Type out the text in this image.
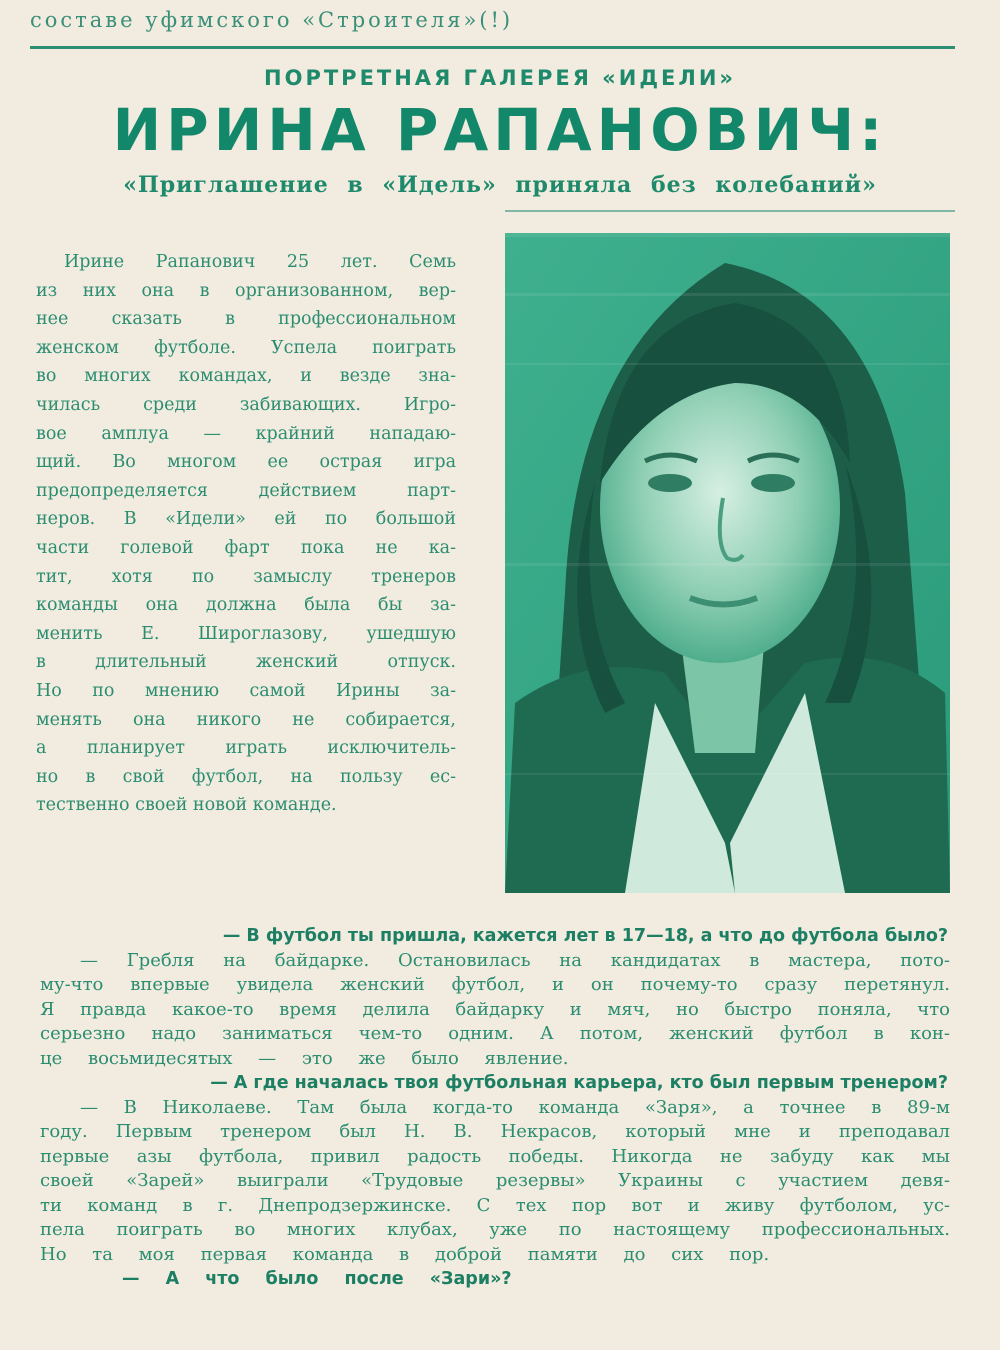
составе уфимского «Строителя»(!)
ПОРТРЕТНАЯ ГАЛЕРЕЯ «ИДЕЛИ»
ИРИНА РАПАНОВИЧ:
«Приглашение в «Идель» приняла без колебаний»
Ирине Рапанович 25 лет. Семь
из них она в организованном, вер-
нее сказать в профессиональном
женском футболе. Успела поиграть
во многих командах, и везде зна-
чилась среди забивающих. Игро-
вое амплуа — крайний нападаю-
щий. Во многом ее острая игра
предопределяется действием парт-
неров. В «Идели» ей по большой
части голевой фарт пока не ка-
тит, хотя по замыслу тренеров
команды она должна была бы за-
менить Е. Широглазову, ушедшую
в длительный женский отпуск.
Но по мнению самой Ирины за-
менять она никого не собирается,
а планирует играть исключитель-
но в свой футбол, на пользу ес-
тественно своей новой команде.
— В футбол ты пришла, кажется лет в 17—18, а что до футбола было?
— Гребля на байдарке. Остановилась на кандидатах в мастера, пото-
му-что впервые увидела женский футбол, и он почему-то сразу перетянул.
Я правда какое-то время делила байдарку и мяч, но быстро поняла, что
серьезно надо заниматься чем-то одним. А потом, женский футбол в кон-
це восьмидесятых — это же было явление.
— А где началась твоя футбольная карьера, кто был первым тренером?
— В Николаеве. Там была когда-то команда «Заря», а точнее в 89-м
году. Первым тренером был Н. В. Некрасов, который мне и преподавал
первые азы футбола, привил радость победы. Никогда не забуду как мы
своей «Зарей» выиграли «Трудовые резервы» Украины с участием девя-
ти команд в г. Днепродзержинске. С тех пор вот и живу футболом, ус-
пела поиграть во многих клубах, уже по настоящему профессиональных.
Но та моя первая команда в доброй памяти до сих пор.
— А что было после «Зари»?
